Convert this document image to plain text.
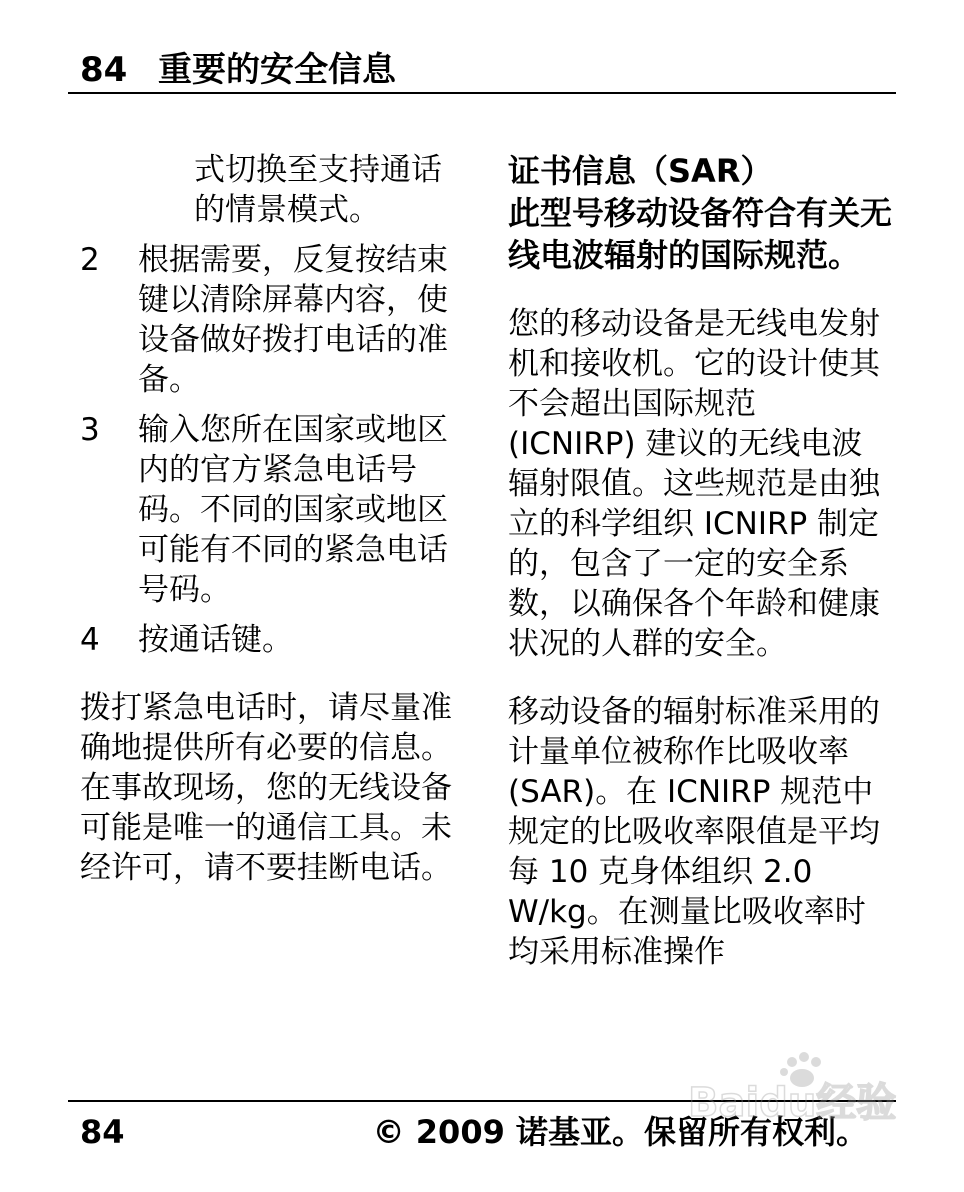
84 重要的安全信息
式切换至支持通话的情景模式。
2 根据需要，反复按结束键以清除屏幕内容，使设备做好拨打电话的准备。
3 输入您所在国家或地区内的官方紧急电话号码。不同的国家或地区可能有不同的紧急电话号码。
4 按通话键。
拨打紧急电话时，请尽量准确地提供所有必要的信息。在事故现场，您的无线设备可能是唯一的通信工具。未经许可，请不要挂断电话。
证书信息（SAR）
此型号移动设备符合有关无线电波辐射的国际规范。
您的移动设备是无线电发射机和接收机。它的设计使其不会超出国际规范 (ICNIRP) 建议的无线电波辐射限值。这些规范是由独立的科学组织 ICNIRP 制定的，包含了一定的安全系数，以确保各个年龄和健康状况的人群的安全。
移动设备的辐射标准采用的计量单位被称作比吸收率 (SAR)。在 ICNIRP 规范中规定的比吸收率限值是平均每 10 克身体组织 2.0 W/kg。在测量比吸收率时均采用标准操作
84	© 2009 诺基亚。保留所有权利。
Baidu经验
